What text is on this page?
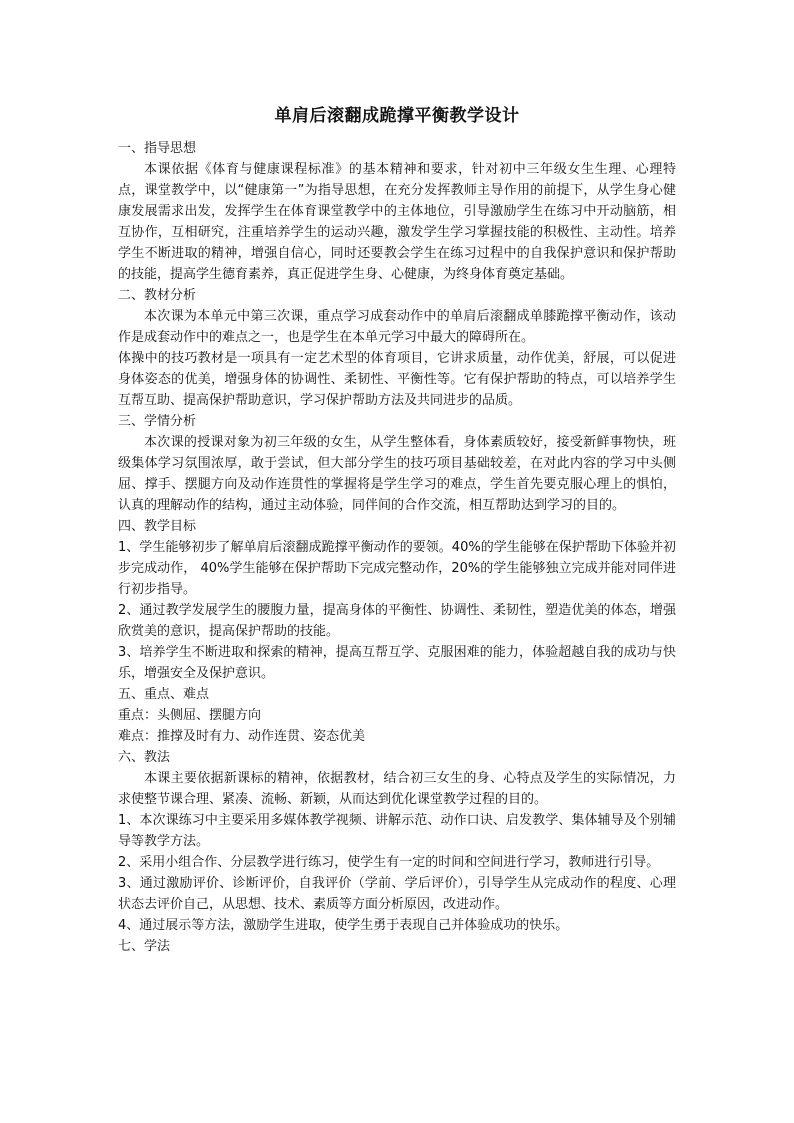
单肩后滚翻成跪撑平衡教学设计

一、指导思想

本课依据《体育与健康课程标准》的基本精神和要求，针对初中三年级女生生理、心理特点，课堂教学中，以“健康第一”为指导思想，在充分发挥教师主导作用的前提下，从学生身心健康发展需求出发，发挥学生在体育课堂教学中的主体地位，引导激励学生在练习中开动脑筋，相互协作，互相研究，注重培养学生的运动兴趣，激发学生学习掌握技能的积极性、主动性。培养学生不断进取的精神，增强自信心，同时还要教会学生在练习过程中的自我保护意识和保护帮助的技能，提高学生德育素养，真正促进学生身、心健康，为终身体育奠定基础。

二、教材分析

本次课为本单元中第三次课，重点学习成套动作中的单肩后滚翻成单膝跪撑平衡动作，该动作是成套动作中的难点之一，也是学生在本单元学习中最大的障碍所在。

体操中的技巧教材是一项具有一定艺术型的体育项目，它讲求质量，动作优美，舒展，可以促进身体姿态的优美，增强身体的协调性、柔韧性、平衡性等。它有保护帮助的特点，可以培养学生互帮互助、提高保护帮助意识，学习保护帮助方法及共同进步的品质。

三、学情分析

本次课的授课对象为初三年级的女生，从学生整体看，身体素质较好，接受新鲜事物快，班级集体学习氛围浓厚，敢于尝试，但大部分学生的技巧项目基础较差，在对此内容的学习中头侧屈、撑手、摆腿方向及动作连贯性的掌握将是学生学习的难点，学生首先要克服心理上的惧怕，认真的理解动作的结构，通过主动体验，同伴间的合作交流，相互帮助达到学习的目的。

四、教学目标

1、学生能够初步了解单肩后滚翻成跪撑平衡动作的要领。40%的学生能够在保护帮助下体验并初步完成动作， 40%学生能够在保护帮助下完成完整动作，20%的学生能够独立完成并能对同伴进行初步指导。

2、通过教学发展学生的腰腹力量，提高身体的平衡性、协调性、柔韧性，塑造优美的体态，增强欣赏美的意识，提高保护帮助的技能。

3、培养学生不断进取和探索的精神，提高互帮互学、克服困难的能力，体验超越自我的成功与快乐，增强安全及保护意识。

五、重点、难点

重点：头侧屈、摆腿方向

难点：推撑及时有力、动作连贯、姿态优美

六、教法

本课主要依据新课标的精神，依据教材，结合初三女生的身、心特点及学生的实际情况，力求使整节课合理、紧凑、流畅、新颖，从而达到优化课堂教学过程的目的。

1、本次课练习中主要采用多媒体教学视频、讲解示范、动作口诀、启发教学、集体辅导及个别辅导等教学方法。

2、采用小组合作、分层教学进行练习，使学生有一定的时间和空间进行学习，教师进行引导。

3、通过激励评价、诊断评价，自我评价（学前、学后评价），引导学生从完成动作的程度、心理状态去评价自己，从思想、技术、素质等方面分析原因，改进动作。

4、通过展示等方法，激励学生进取，使学生勇于表现自己并体验成功的快乐。

七、学法
